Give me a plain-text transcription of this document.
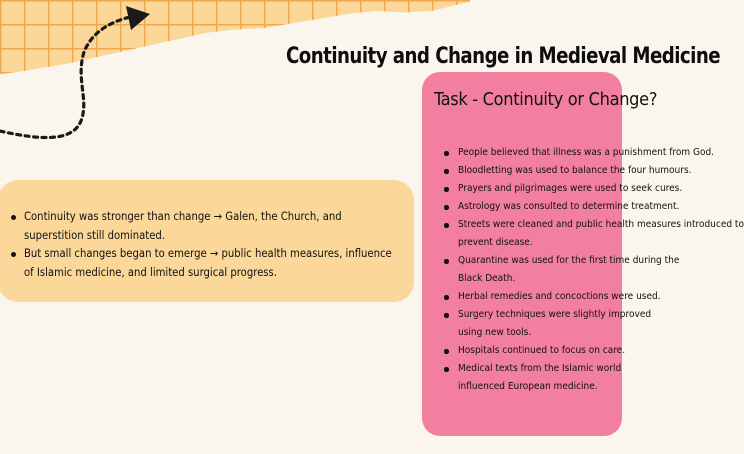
Continuity and Change in Medieval Medicine
Continuity was stronger than change → Galen, the Church, and superstition still dominated.
But small changes began to emerge → public health measures, influence of Islamic medicine, and limited surgical progress.
Task - Continuity or Change?
People believed that illness was a punishment from God.
Bloodletting was used to balance the four humours.
Prayers and pilgrimages were used to seek cures.
Astrology was consulted to determine treatment.
Streets were cleaned and public health measures introduced to
prevent disease.
Quarantine was used for the first time during the
Black Death.
Herbal remedies and concoctions were used.
Surgery techniques were slightly improved
using new tools.
Hospitals continued to focus on care.
Medical texts from the Islamic world
influenced European medicine.
